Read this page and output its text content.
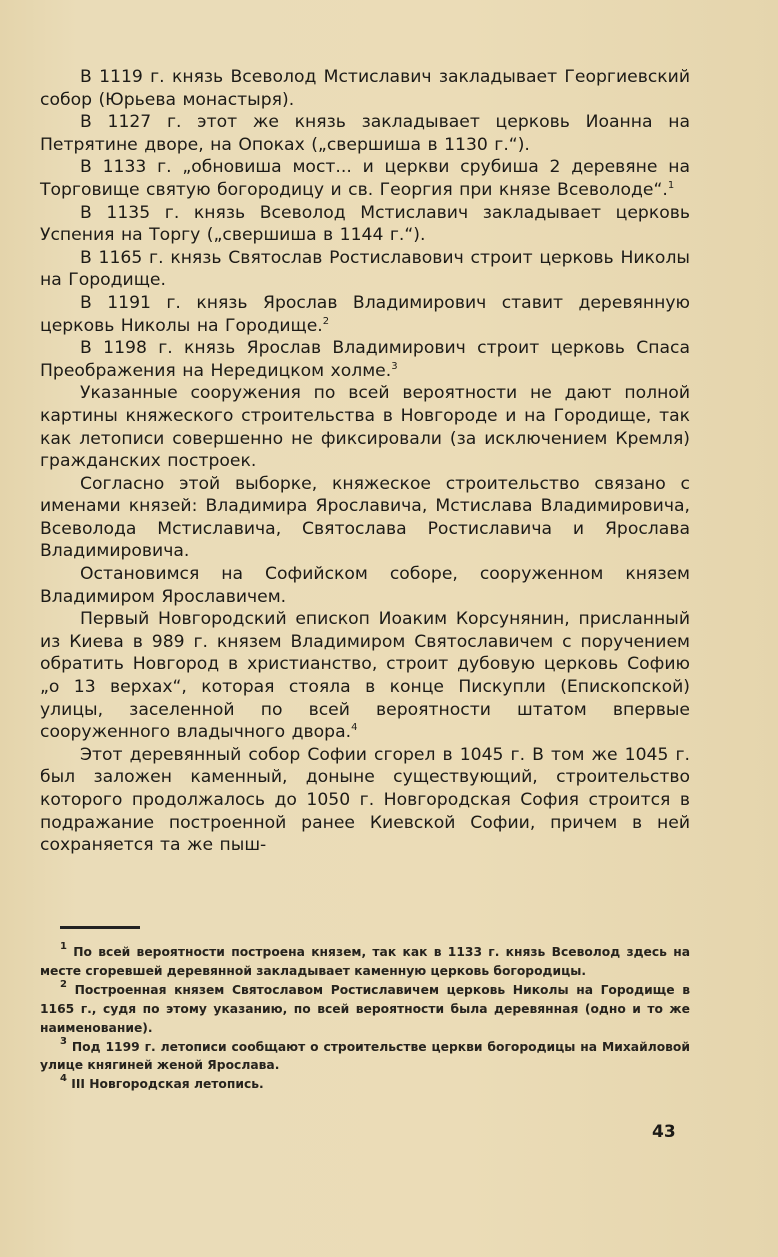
В 1119 г. князь Всеволод Мстиславич закладывает Георгиевский собор (Юрьева монастыря).

В 1127 г. этот же князь закладывает церковь Иоанна на Петрятине дворе, на Опоках („свершиша в 1130 г.“).

В 1133 г. „обновиша мост... и церкви срубиша 2 деревяне на Торговище святую богородицу и св. Георгия при князе Всеволоде“.$^1$

В 1135 г. князь Всеволод Мстиславич закладывает церковь Успения на Торгу („свершиша в 1144 г.“).

В 1165 г. князь Святослав Ростиславович строит церковь Николы на Городище.

В 1191 г. князь Ярослав Владимирович ставит деревянную церковь Николы на Городище.$^2$

В 1198 г. князь Ярослав Владимирович строит церковь Спаса Преображения на Нередицком холме.$^3$

Указанные сооружения по всей вероятности не дают полной картины княжеского строительства в Новгороде и на Городище, так как летописи совершенно не фиксировали (за исключением Кремля) гражданских построек.

Согласно этой выборке, княжеское строительство связано с именами князей: Владимира Ярославича, Мстислава Владимировича, Всеволода Мстиславича, Святослава Ростиславича и Ярослава Владимировича.

Остановимся на Софийском соборе, сооруженном князем Владимиром Ярославичем.

Первый Новгородский епископ Иоаким Корсунянин, присланный из Киева в 989 г. князем Владимиром Святославичем с поручением обратить Новгород в христианство, строит дубовую церковь Софию „о 13 верхах“, которая стояла в конце Пискупли (Епископской) улицы, заселенной по всей вероятности штатом впервые сооруженного владычного двора.$^4$

Этот деревянный собор Софии сгорел в 1045 г. В том же 1045 г. был заложен каменный, доныне существующий, строительство которого продолжалось до 1050 г. Новгородская София строится в подражание построенной ранее Киевской Софии, причем в ней сохраняется та же пыш-

$^1$ По всей вероятности построена князем, так как в 1133 г. князь Всеволод здесь на месте сгоревшей деревянной закладывает каменную церковь богородицы.

$^2$ Построенная князем Святославом Ростиславичем церковь Николы на Городище в 1165 г., судя по этому указанию, по всей вероятности была деревянная (одно и то же наименование).

$^3$ Под 1199 г. летописи сообщают о строительстве церкви богородицы на Михайловой улице княгиней женой Ярослава.

$^4$ III Новгородская летопись.

43
